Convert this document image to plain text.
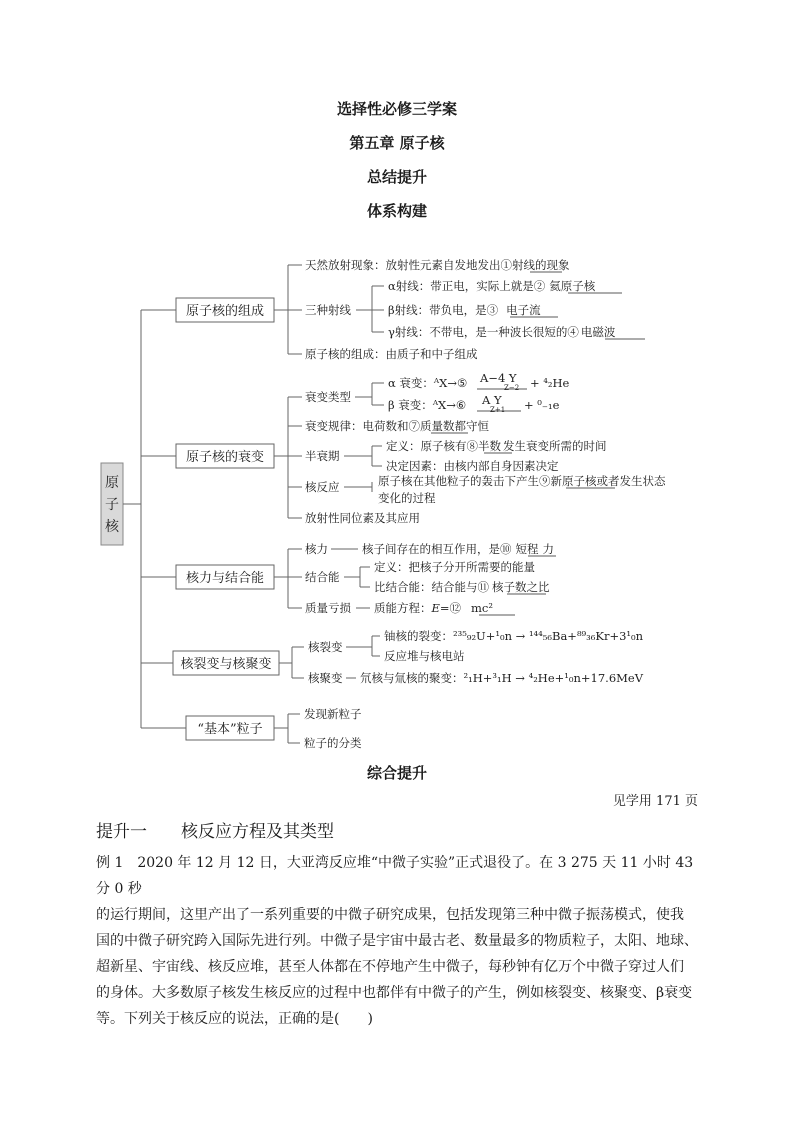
选择性必修三学案
第五章 原子核
总结提升
体系构建
原
子
核
原子核的组成
原子核的衰变
核力与结合能
核裂变与核聚变
“基本”粒子
天然放射现象：放射性元素自发地发出①射线的现象
三种射线
α射线：带正电，实际上就是② 氦原子核
β射线：带负电，是③ 电子流
γ射线：不带电，是一种波长很短的④ 电磁波
原子核的组成：由质子和中子组成
衰变类型
α 衰变：ᴬX→⑤ A−4 Y
Z−2 + ⁴₂He
β 衰变：ᴬX→⑥ A Y
Z+1 + ⁰₋₁e
衰变规律：电荷数和⑦质量数都守恒
半衰期
定义：原子核有⑧半数 发生衰变所需的时间
决定因素：由核内部自身因素决定
核反应	原子核在其他粒子的轰击下产生⑨新原子核或者发生状态
变化的过程
放射性同位素及其应用
核力	核子间存在的相互作用，是⑩ 短程 力
结合能
定义：把核子分开所需要的能量
比结合能：结合能与⑪ 核子数之比
质量亏损 质能方程：E=⑫ mc²
核裂变
铀核的裂变：²³⁵₉₂U+¹₀n → ¹⁴⁴₅₆Ba+⁸⁹₃₆Kr+3¹₀n
反应堆与核电站
核聚变 氘核与氚核的聚变：²₁H+³₁H → ⁴₂He+¹₀n+17.6MeV
发现新粒子
粒子的分类
综合提升
见学用 171 页
提升一　　核反应方程及其类型

例 1　2020 年 12 月 12 日，大亚湾反应堆“中微子实验”正式退役了。在 3 275 天 11 小时 43 分 0 秒

的运行期间，这里产出了一系列重要的中微子研究成果，包括发现第三种中微子振荡模式，使我

国的中微子研究跨入国际先进行列。中微子是宇宙中最古老、数量最多的物质粒子，太阳、地球、

超新星、宇宙线、核反应堆，甚至人体都在不停地产生中微子，每秒钟有亿万个中微子穿过人们

的身体。大多数原子核发生核反应的过程中也都伴有中微子的产生，例如核裂变、核聚变、β衰变

等。下列关于核反应的说法，正确的是(　　)
